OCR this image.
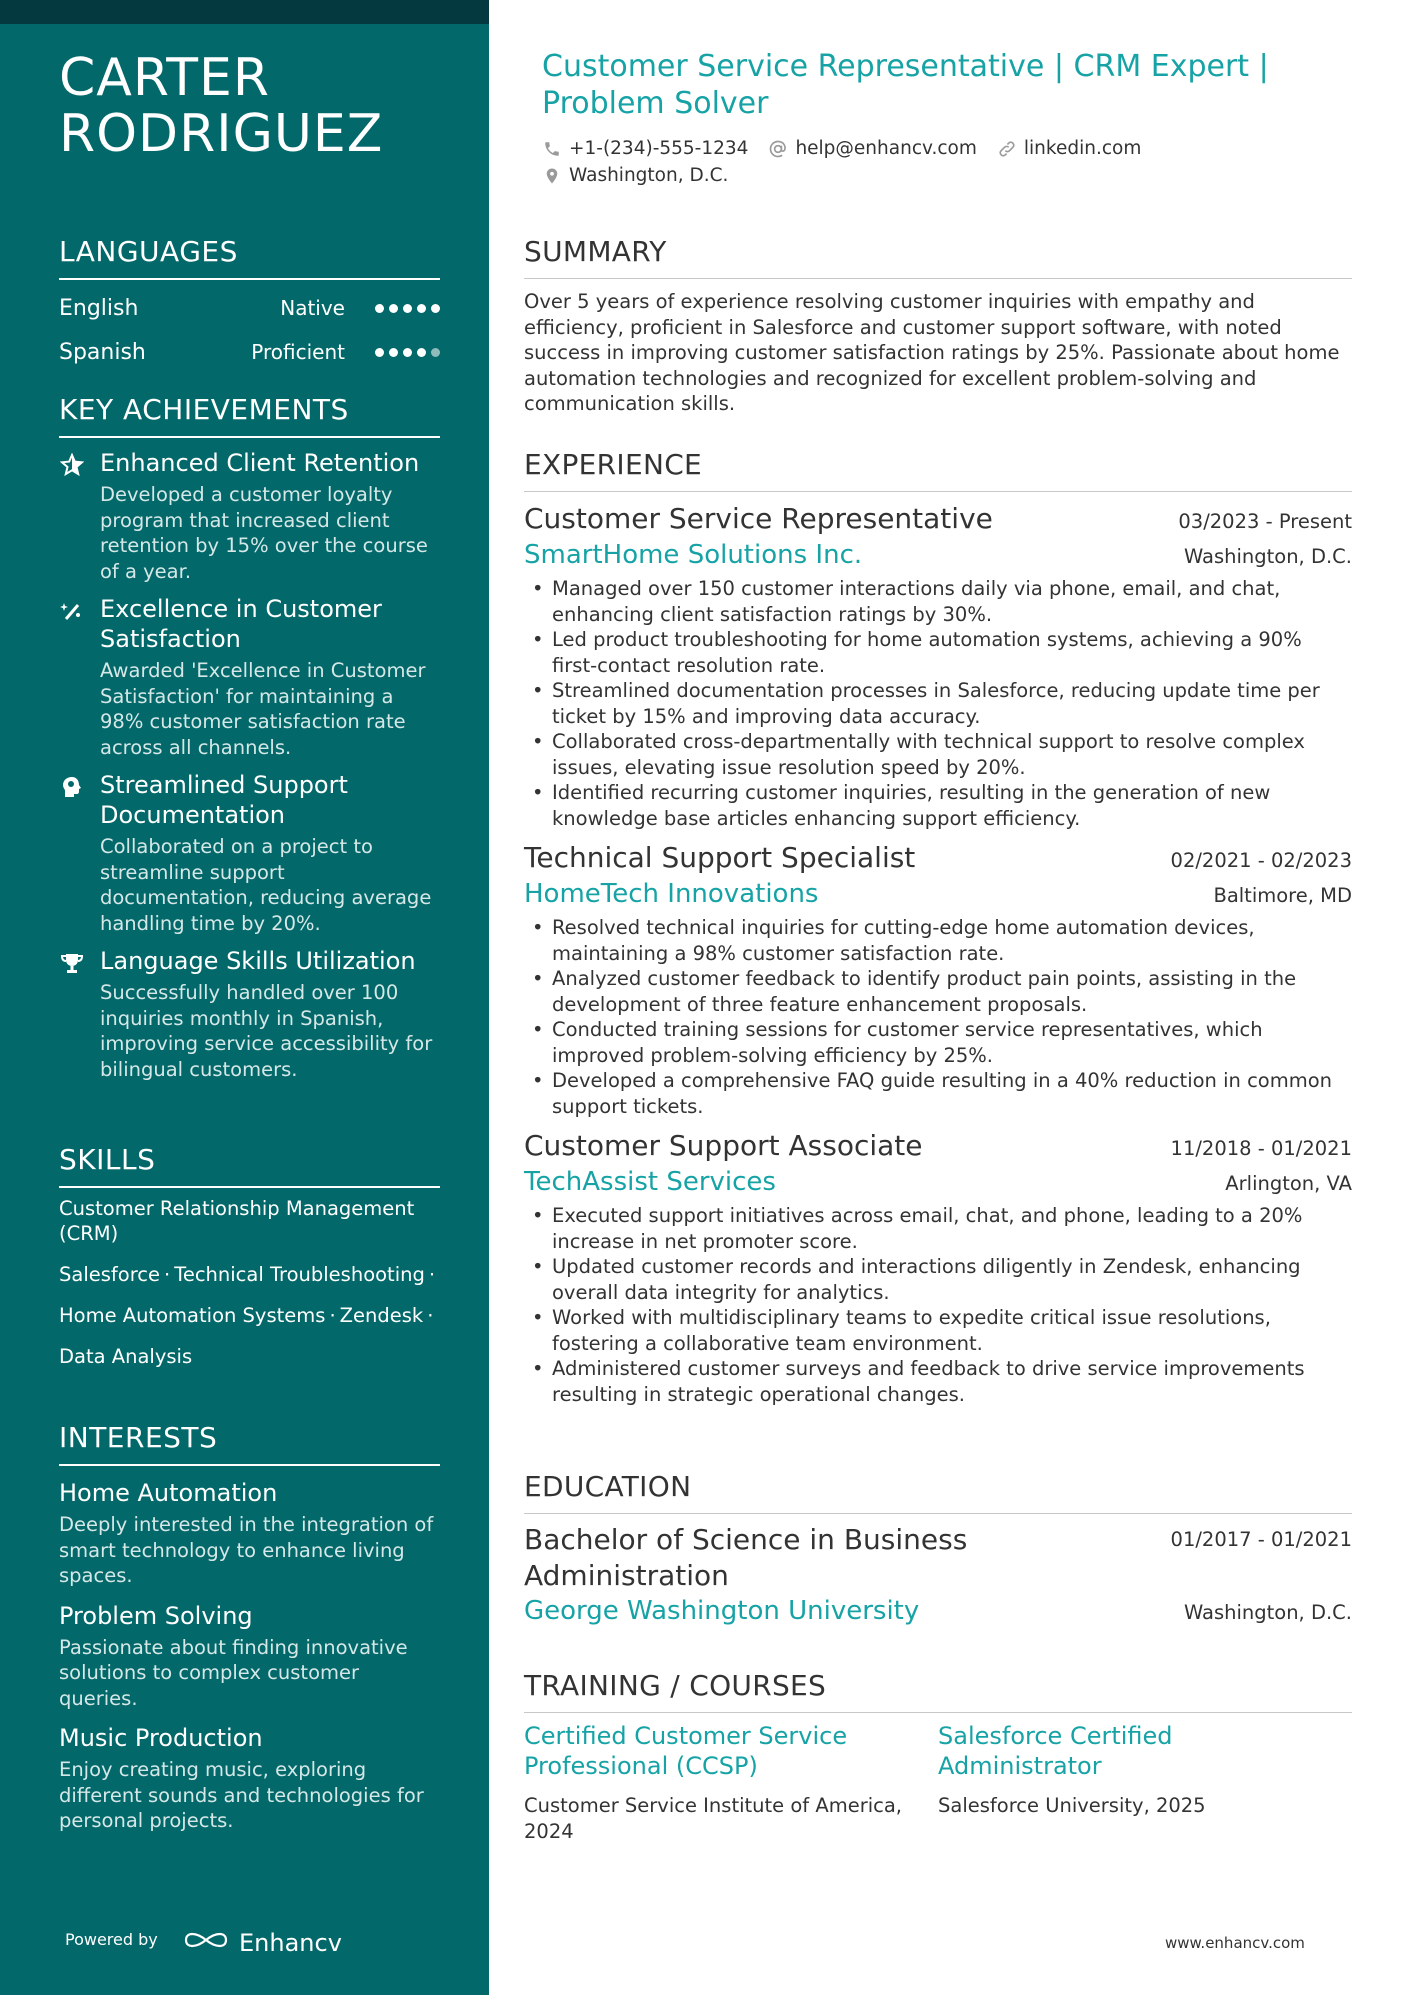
CARTER
RODRIGUEZ
LANGUAGES
English	Native
Spanish	Proficient
KEY ACHIEVEMENTS
Enhanced Client Retention
Developed a customer loyalty program that increased client retention by 15% over the course of a year.
Excellence in Customer Satisfaction
Awarded 'Excellence in Customer Satisfaction' for maintaining a 98% customer satisfaction rate across all channels.
Streamlined Support Documentation
Collaborated on a project to streamline support documentation, reducing average handling time by 20%.
Language Skills Utilization
Successfully handled over 100 inquiries monthly in Spanish, improving service accessibility for bilingual customers.
SKILLS
Customer Relationship Management (CRM)
Salesforce · Technical Troubleshooting ·
Home Automation Systems · Zendesk ·
Data Analysis
INTERESTS
Home Automation
Deeply interested in the integration of smart technology to enhance living spaces.
Problem Solving
Passionate about finding innovative solutions to complex customer queries.
Music Production
Enjoy creating music, exploring different sounds and technologies for personal projects.
Powered by	Enhancv
Customer Service Representative | CRM Expert | Problem Solver
+1-(234)-555-1234	help@enhancv.com	linkedin.com
Washington, D.C.
SUMMARY
Over 5 years of experience resolving customer inquiries with empathy and efficiency, proficient in Salesforce and customer support software, with noted success in improving customer satisfaction ratings by 25%. Passionate about home automation technologies and recognized for excellent problem-solving and communication skills.
EXPERIENCE
Customer Service Representative	03/2023 - Present
SmartHome Solutions Inc.	Washington, D.C.
• Managed over 150 customer interactions daily via phone, email, and chat, enhancing client satisfaction ratings by 30%.
• Led product troubleshooting for home automation systems, achieving a 90% first-contact resolution rate.
• Streamlined documentation processes in Salesforce, reducing update time per ticket by 15% and improving data accuracy.
• Collaborated cross-departmentally with technical support to resolve complex issues, elevating issue resolution speed by 20%.
• Identified recurring customer inquiries, resulting in the generation of new knowledge base articles enhancing support efficiency.
Technical Support Specialist	02/2021 - 02/2023
HomeTech Innovations	Baltimore, MD
• Resolved technical inquiries for cutting-edge home automation devices, maintaining a 98% customer satisfaction rate.
• Analyzed customer feedback to identify product pain points, assisting in the development of three feature enhancement proposals.
• Conducted training sessions for customer service representatives, which improved problem-solving efficiency by 25%.
• Developed a comprehensive FAQ guide resulting in a 40% reduction in common support tickets.
Customer Support Associate	11/2018 - 01/2021
TechAssist Services	Arlington, VA
• Executed support initiatives across email, chat, and phone, leading to a 20% increase in net promoter score.
• Updated customer records and interactions diligently in Zendesk, enhancing overall data integrity for analytics.
• Worked with multidisciplinary teams to expedite critical issue resolutions, fostering a collaborative team environment.
• Administered customer surveys and feedback to drive service improvements resulting in strategic operational changes.
EDUCATION
Bachelor of Science in Business Administration
01/2017 - 01/2021
George Washington University	Washington, D.C.
TRAINING / COURSES
Certified Customer Service Professional (CCSP)
Customer Service Institute of America, 2024
Salesforce Certified Administrator
Salesforce University, 2025
www.enhancv.com
